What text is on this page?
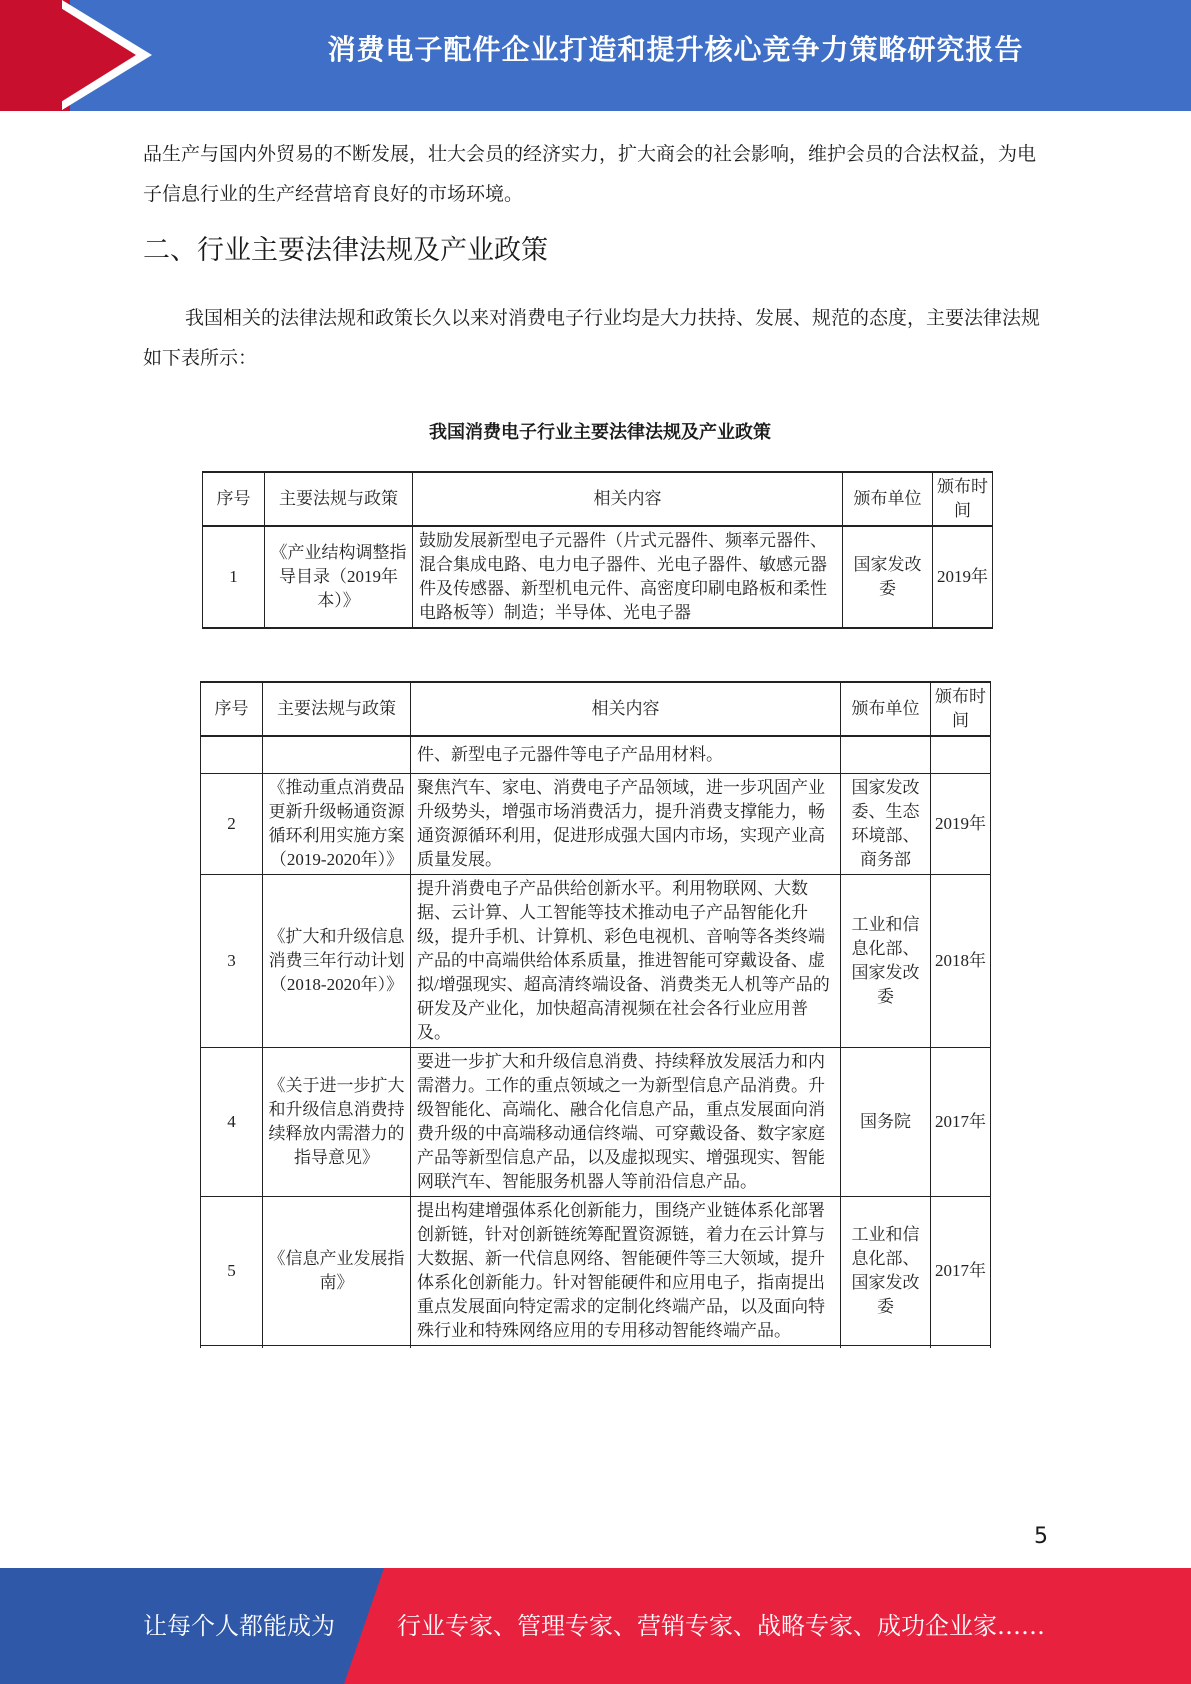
消费电子配件企业打造和提升核心竞争力策略研究报告

品生产与国内外贸易的不断发展，壮大会员的经济实力，扩大商会的社会影响，维护会员的合法权益，为电子信息行业的生产经营培育良好的市场环境。

二、行业主要法律法规及产业政策

我国相关的法律法规和政策长久以来对消费电子行业均是大力扶持、发展、规范的态度，主要法律法规如下表所示：

我国消费电子行业主要法律法规及产业政策
序号	主要法规与政策	相关内容	颁布单位	颁布时间
1	《产业结构调整指导目录（2019年本）》	鼓励发展新型电子元器件（片式元器件、频率元器件、混合集成电路、电力电子器件、光电子器件、敏感元器件及传感器、新型机电元件、高密度印刷电路板和柔性电路板等）制造；半导体、光电子器	国家发改委	2019年
序号	主要法规与政策	相关内容	颁布单位	颁布时间
		件、新型电子元器件等电子产品用材料。		
2	《推动重点消费品更新升级畅通资源循环利用实施方案（2019-2020年）》	聚焦汽车、家电、消费电子产品领域，进一步巩固产业升级势头，增强市场消费活力，提升消费支撑能力，畅通资源循环利用，促进形成强大国内市场，实现产业高质量发展。	国家发改委、生态环境部、商务部	2019年
3	《扩大和升级信息消费三年行动计划（2018-2020年）》	提升消费电子产品供给创新水平。利用物联网、大数据、云计算、人工智能等技术推动电子产品智能化升级，提升手机、计算机、彩色电视机、音响等各类终端产品的中高端供给体系质量，推进智能可穿戴设备、虚拟/增强现实、超高清终端设备、消费类无人机等产品的研发及产业化，加快超高清视频在社会各行业应用普及。	工业和信息化部、国家发改委	2018年
4	《关于进一步扩大和升级信息消费持续释放内需潜力的指导意见》	要进一步扩大和升级信息消费、持续释放发展活力和内需潜力。工作的重点领域之一为新型信息产品消费。升级智能化、高端化、融合化信息产品，重点发展面向消费升级的中高端移动通信终端、可穿戴设备、数字家庭产品等新型信息产品，以及虚拟现实、增强现实、智能网联汽车、智能服务机器人等前沿信息产品。	国务院	2017年
5	《信息产业发展指南》	提出构建增强体系化创新能力，围绕产业链体系化部署创新链，针对创新链统筹配置资源链，着力在云计算与大数据、新一代信息网络、智能硬件等三大领域，提升体系化创新能力。针对智能硬件和应用电子，指南提出重点发展面向特定需求的定制化终端产品，以及面向特殊行业和特殊网络应用的专用移动智能终端产品。	工业和信息化部、国家发改委	2017年

5
让每个人都能成为	行业专家、管理专家、营销专家、战略专家、成功企业家……
